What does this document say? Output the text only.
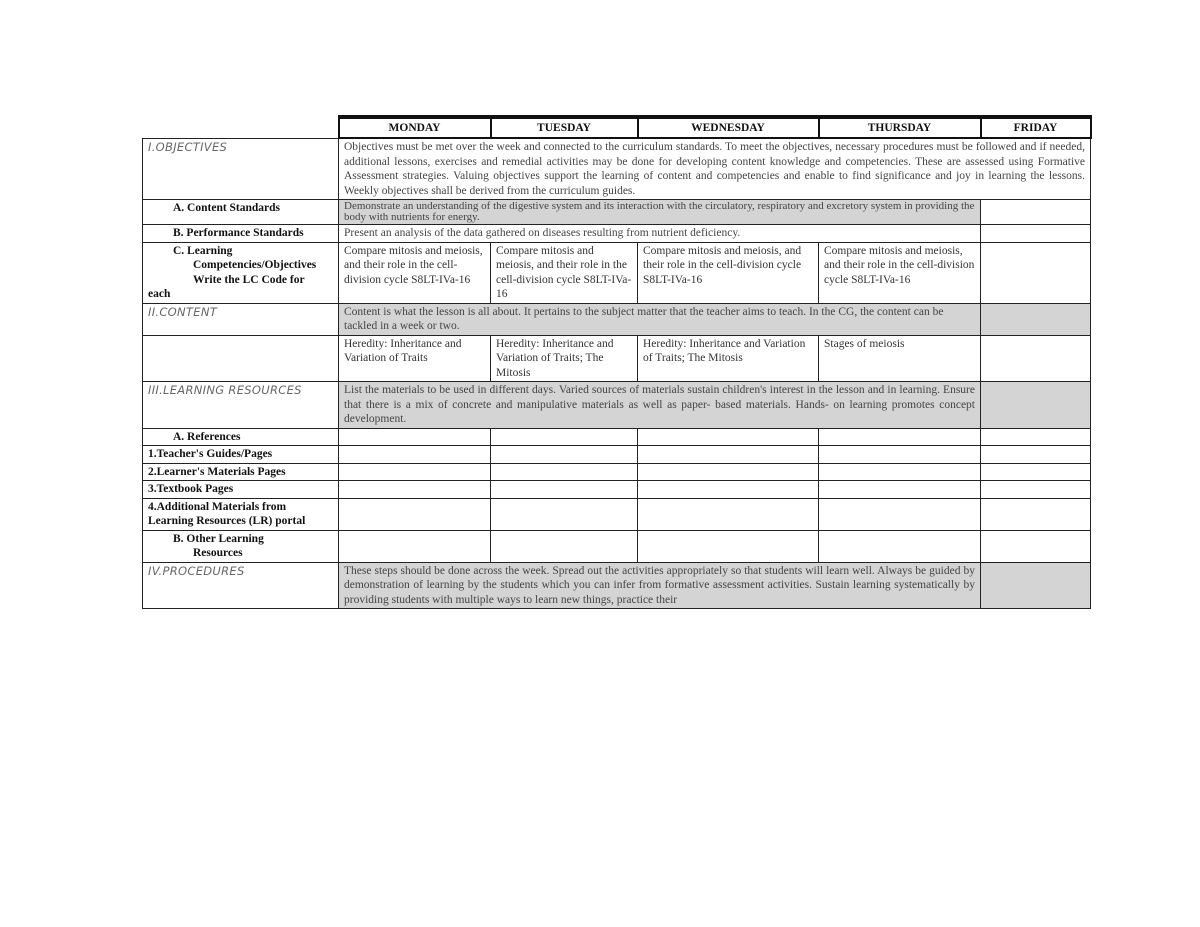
	MONDAY	TUESDAY	WEDNESDAY	THURSDAY	FRIDAY
I.OBJECTIVES	Objectives must be met over the week and connected to the curriculum standards. To meet the objectives, necessary procedures must be followed and if needed, additional lessons, exercises and remedial activities may be done for developing content knowledge and competencies. These are assessed using Formative Assessment strategies. Valuing objectives support the learning of content and competencies and enable to find significance and joy in learning the lessons. Weekly objectives shall be derived from the curriculum guides.				
A. Content Standards	Demonstrate an understanding of the digestive system and its interaction with the circulatory, respiratory and excretory system in providing the body with nutrients for energy.				
B. Performance Standards	Present an analysis of the data gathered on diseases resulting from nutrient deficiency.				

C. Learning
Competencies/Objectives
Write the LC Code for
each	Compare mitosis and meiosis, and their role in the cell-division cycle S8LT-IVa-16	Compare mitosis and meiosis, and their role in the cell-division cycle S8LT-IVa-16	Compare mitosis and meiosis, and their role in the cell-division cycle S8LT-IVa-16	Compare mitosis and meiosis, and their role in the cell-division cycle S8LT-IVa-16	
II.CONTENT	Content is what the lesson is all about. It pertains to the subject matter that the teacher aims to teach. In the CG, the content can be tackled in a week or two.				
	Heredity: Inheritance and Variation of Traits	Heredity: Inheritance and Variation of Traits; The Mitosis	Heredity: Inheritance and Variation of Traits; The Mitosis	Stages of meiosis	
III.LEARNING RESOURCES	List the materials to be used in different days. Varied sources of materials sustain children's interest in the lesson and in learning. Ensure that there is a mix of concrete and manipulative materials as well as paper- based materials. Hands- on learning promotes concept development.				
A. References					
1.Teacher's Guides/Pages					
2.Learner's Materials Pages					
3.Textbook Pages					

4.Additional Materials from
Learning Resources (LR) portal					

B. Other Learning
Resources					

IV.PROCEDURES	These steps should be done across the week. Spread out the activities appropriately so that students will learn well. Always be guided by demonstration of learning by the students which you can infer from formative assessment activities. Sustain learning systematically by providing students with multiple ways to learn new things, practice their				
